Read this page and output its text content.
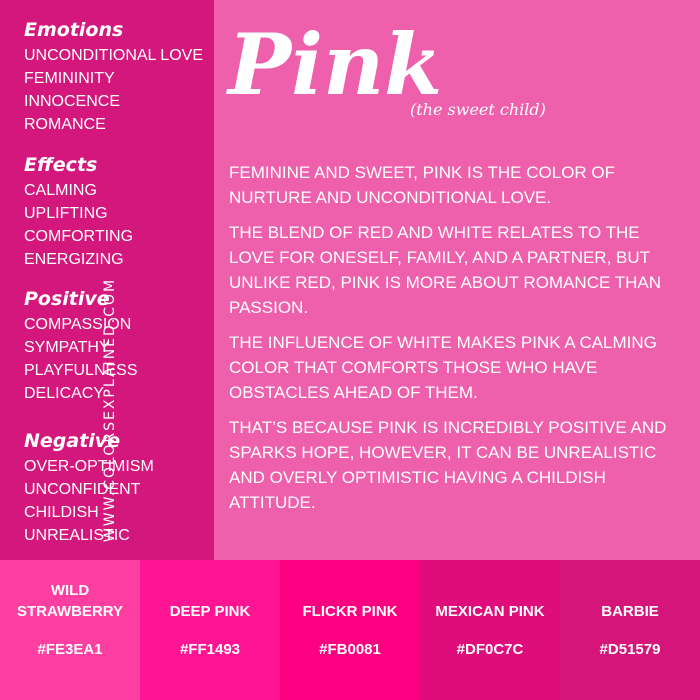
Emotions
UNCONDITIONAL LOVE
FEMININITY
INNOCENCE
ROMANCE
Effects
CALMING
UPLIFTING
COMFORTING
ENERGIZING
Positive
COMPASSION
SYMPATHY
PLAYFULNESS
DELICACY
Negative
OVER-OPTIMISM
UNCONFIDENT
CHILDISH
UNREALISTIC
WWW.COLORSEXPLAINED.COM
Pink
(the sweet child)

FEMININE AND SWEET, PINK IS THE COLOR OF NURTURE AND UNCONDITIONAL LOVE.

THE BLEND OF RED AND WHITE RELATES TO THE LOVE FOR ONESELF, FAMILY, AND A PARTNER, BUT UNLIKE RED, PINK IS MORE ABOUT ROMANCE THAN PASSION.

THE INFLUENCE OF WHITE MAKES PINK A CALMING COLOR THAT COMFORTS THOSE WHO HAVE OBSTACLES AHEAD OF THEM.

THAT’S BECAUSE PINK IS INCREDIBLY POSITIVE AND SPARKS HOPE, HOWEVER, IT CAN BE UNREALISTIC AND OVERLY OPTIMISTIC HAVING A CHILDISH ATTITUDE.

WILD STRAWBERRY
#FE3EA1
DEEP PINK
#FF1493
FLICKR PINK
#FB0081
MEXICAN PINK
#DF0C7C
BARBIE
#D51579
